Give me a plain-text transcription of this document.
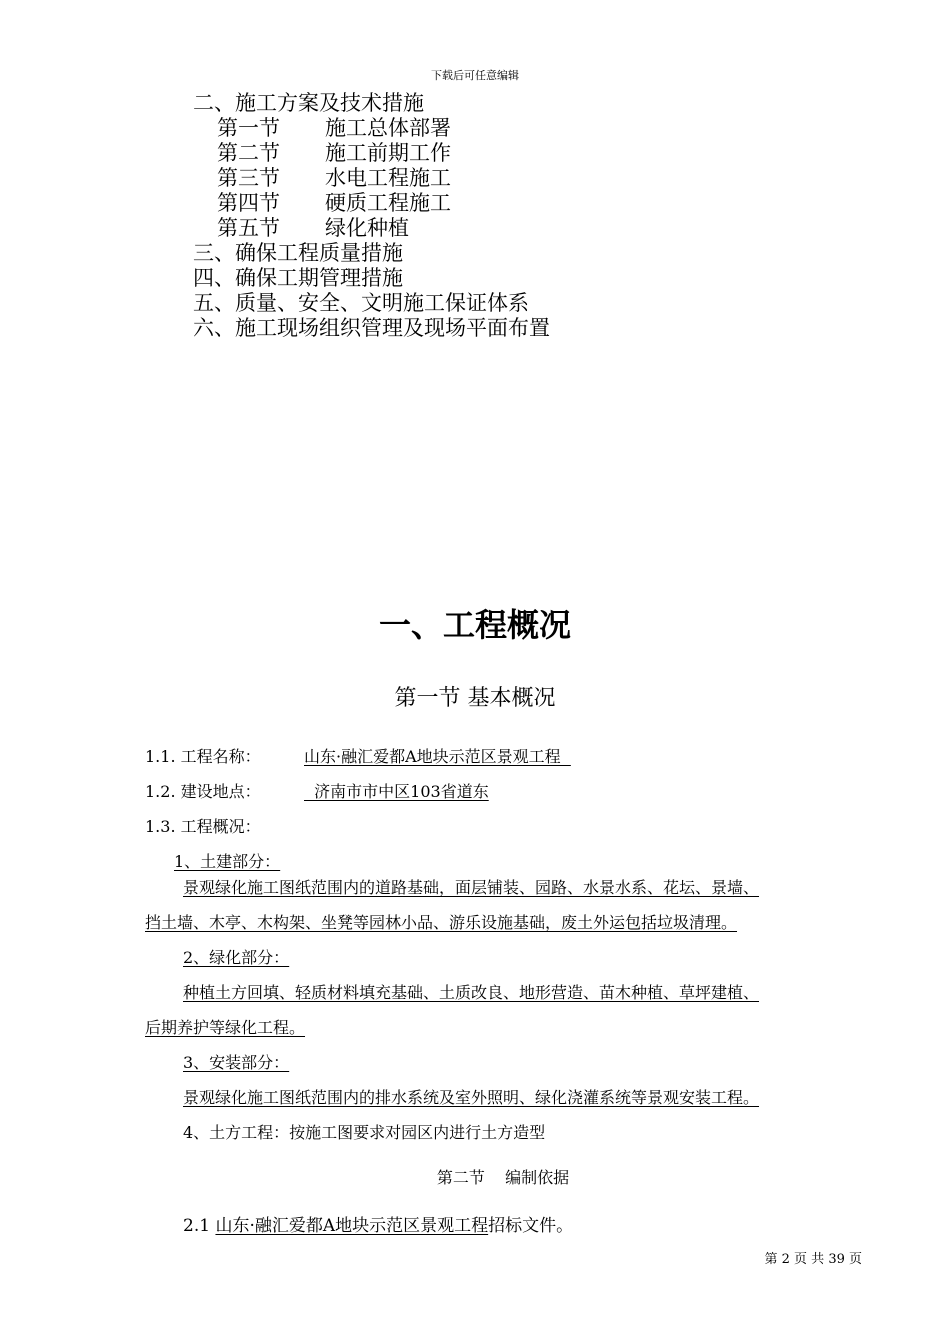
下载后可任意编辑
二、施工方案及技术措施
第一节 施工总体部署
第二节 施工前期工作
第三节 水电工程施工
第四节 硬质工程施工
第五节 绿化种植
三、确保工程质量措施
四、确保工期管理措施
五、质量、安全、文明施工保证体系
六、施工现场组织管理及现场平面布置
一、工程概况
第一节 基本概况
1.1. 工程名称：	山东·融汇爱都A地块示范区景观工程
1.2. 建设地点：	济南市市中区103省道东
1.3. 工程概况：
1、土建部分：
景观绿化施工图纸范围内的道路基础，面层铺装、园路、水景水系、花坛、景墙、
挡土墙、木亭、木构架、坐凳等园林小品、游乐设施基础，废土外运包括垃圾清理。
2、绿化部分：
种植土方回填、轻质材料填充基础、土质改良、地形营造、苗木种植、草坪建植、
后期养护等绿化工程。
3、安装部分：
景观绿化施工图纸范围内的排水系统及室外照明、绿化浇灌系统等景观安装工程。
4、土方工程：按施工图要求对园区内进行土方造型
第二节    编制依据
2.1 山东·融汇爱都A地块示范区景观工程招标文件。
第 2 页 共 39 页
